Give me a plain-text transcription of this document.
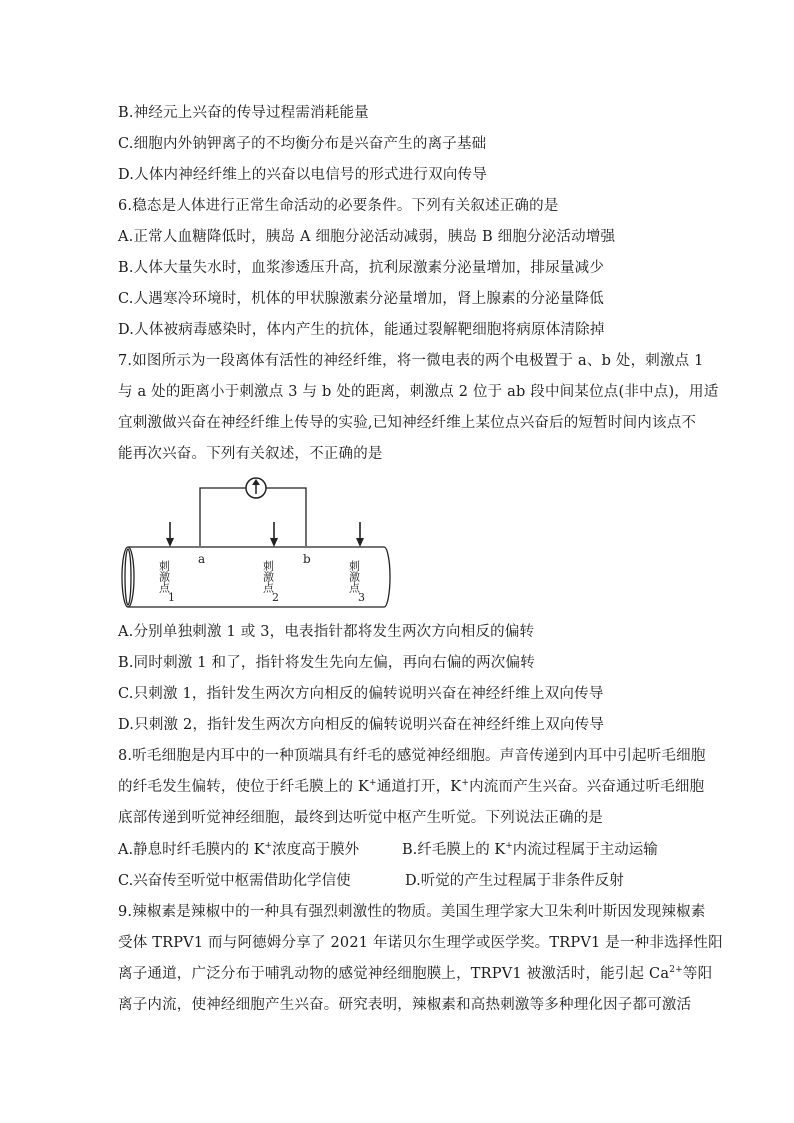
B.神经元上兴奋的传导过程需消耗能量
C.细胞内外钠钾离子的不均衡分布是兴奋产生的离子基础
D.人体内神经纤维上的兴奋以电信号的形式进行双向传导
6.稳态是人体进行正常生命活动的必要条件。下列有关叙述正确的是
A.正常人血糖降低时，胰岛 A 细胞分泌活动减弱，胰岛 B 细胞分泌活动增强
B.人体大量失水时，血浆渗透压升高，抗利尿激素分泌量增加，排尿量减少
C.人遇寒冷环境时，机体的甲状腺激素分泌量增加，肾上腺素的分泌量降低
D.人体被病毒感染时，体内产生的抗体，能通过裂解靶细胞将病原体清除掉
7.如图所示为一段离体有活性的神经纤维，将一微电表的两个电极置于 a、b 处，刺激点 1
与 a 处的距离小于刺激点 3 与 b 处的距离，刺激点 2 位于 ab 段中间某位点(非中点)，用适
宜刺激做兴奋在神经纤维上传导的实验,已知神经纤维上某位点兴奋后的短暂时间内该点不
能再次兴奋。下列有关叙述，不正确的是
a	b
刺激点
1
刺激点
2
刺激点
3
A.分别单独刺激 1 或 3，电表指针都将发生两次方向相反的偏转
B.同时刺激 1 和了，指针将发生先向左偏，再向右偏的两次偏转
C.只刺激 1，指针发生两次方向相反的偏转说明兴奋在神经纤维上双向传导
D.只刺激 2，指针发生两次方向相反的偏转说明兴奋在神经纤维上双向传导
8.听毛细胞是内耳中的一种顶端具有纤毛的感觉神经细胞。声音传递到内耳中引起听毛细胞
的纤毛发生偏转，使位于纤毛膜上的 K+通道打开，K+内流而产生兴奋。兴奋通过听毛细胞
底部传递到听觉神经细胞，最终到达听觉中枢产生听觉。下列说法正确的是
A.静息时纤毛膜内的 K+浓度高于膜外	B.纤毛膜上的 K+内流过程属于主动运输
C.兴奋传至听觉中枢需借助化学信使	D.听觉的产生过程属于非条件反射
9.辣椒素是辣椒中的一种具有强烈刺激性的物质。美国生理学家大卫朱利叶斯因发现辣椒素
受体 TRPV1 而与阿德姆分享了 2021 年诺贝尔生理学或医学奖。TRPV1 是一种非选择性阳
离子通道，广泛分布于哺乳动物的感觉神经细胞膜上，TRPV1 被激活时，能引起 $Ca^{2+}$等阳
离子内流，使神经细胞产生兴奋。研究表明，辣椒素和高热刺激等多种理化因子都可激活
